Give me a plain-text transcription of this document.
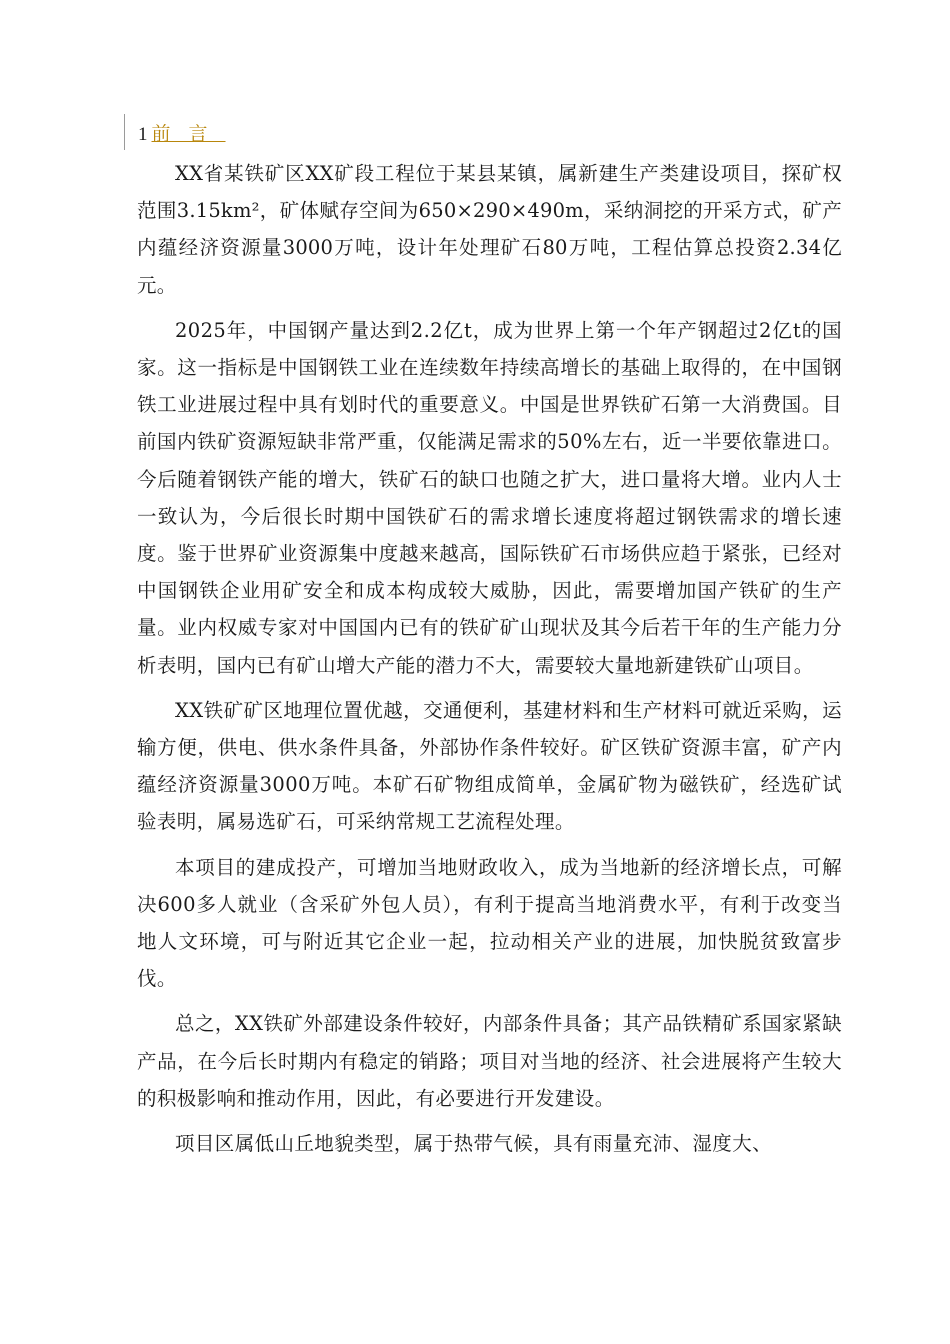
1 前言

XX省某铁矿区XX矿段工程位于某县某镇，属新建生产类建设项目，探矿权范围3.15km²，矿体赋存空间为650×290×490m，采纳洞挖的开采方式，矿产内蕴经济资源量3000万吨，设计年处理矿石80万吨，工程估算总投资2.34亿元。

2025年，中国钢产量达到2.2亿t，成为世界上第一个年产钢超过2亿t的国家。这一指标是中国钢铁工业在连续数年持续高增长的基础上取得的，在中国钢铁工业进展过程中具有划时代的重要意义。中国是世界铁矿石第一大消费国。目前国内铁矿资源短缺非常严重，仅能满足需求的50%左右，近一半要依靠进口。今后随着钢铁产能的增大，铁矿石的缺口也随之扩大，进口量将大增。业内人士一致认为，今后很长时期中国铁矿石的需求增长速度将超过钢铁需求的增长速度。鉴于世界矿业资源集中度越来越高，国际铁矿石市场供应趋于紧张，已经对中国钢铁企业用矿安全和成本构成较大威胁，因此，需要增加国产铁矿的生产量。业内权威专家对中国国内已有的铁矿矿山现状及其今后若干年的生产能力分析表明，国内已有矿山增大产能的潜力不大，需要较大量地新建铁矿山项目。

XX铁矿矿区地理位置优越，交通便利，基建材料和生产材料可就近采购，运输方便，供电、供水条件具备，外部协作条件较好。矿区铁矿资源丰富，矿产内蕴经济资源量3000万吨。本矿石矿物组成简单，金属矿物为磁铁矿，经选矿试验表明，属易选矿石，可采纳常规工艺流程处理。

本项目的建成投产，可增加当地财政收入，成为当地新的经济增长点，可解决600多人就业（含采矿外包人员），有利于提高当地消费水平，有利于改变当地人文环境，可与附近其它企业一起，拉动相关产业的进展，加快脱贫致富步伐。

总之，XX铁矿外部建设条件较好，内部条件具备；其产品铁精矿系国家紧缺产品，在今后长时期内有稳定的销路；项目对当地的经济、社会进展将产生较大的积极影响和推动作用，因此，有必要进行开发建设。

项目区属低山丘地貌类型，属于热带气候，具有雨量充沛、湿度大、
